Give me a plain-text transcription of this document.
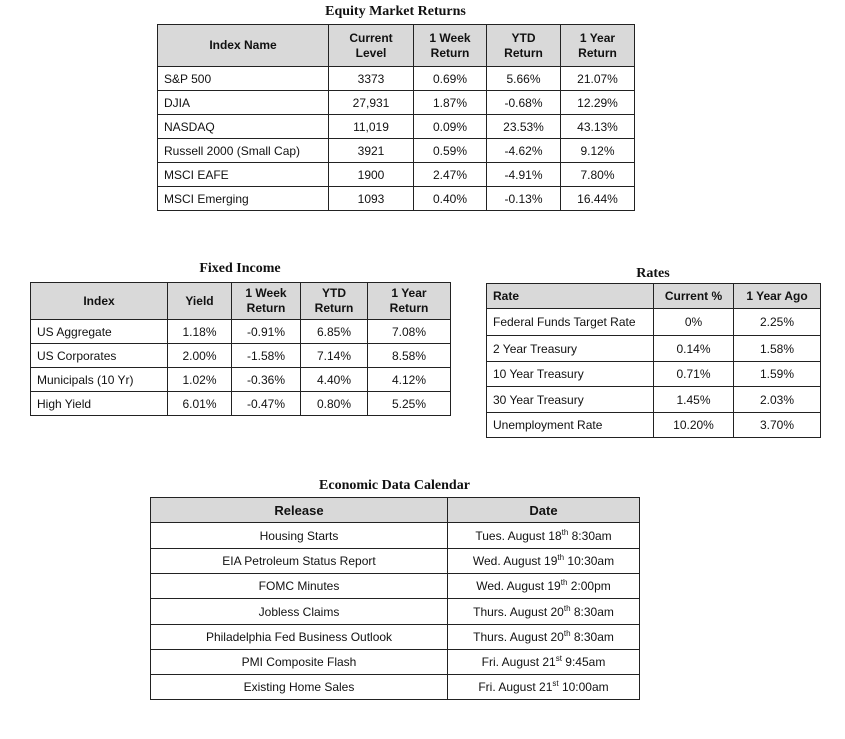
Equity Market Returns
Index Name	Current Level	1 Week Return	YTD Return	1 Year Return
S&P 500	3373	0.69%	5.66%	21.07%
DJIA	27,931	1.87%	-0.68%	12.29%
NASDAQ	11,019	0.09%	23.53%	43.13%
Russell 2000 (Small Cap)	3921	0.59%	-4.62%	9.12%
MSCI EAFE	1900	2.47%	-4.91%	7.80%
MSCI Emerging	1093	0.40%	-0.13%	16.44%
Fixed Income
Index	Yield	1 Week Return	YTD Return	1 Year Return
US Aggregate	1.18%	-0.91%	6.85%	7.08%
US Corporates	2.00%	-1.58%	7.14%	8.58%
Municipals (10 Yr)	1.02%	-0.36%	4.40%	4.12%
High Yield	6.01%	-0.47%	0.80%	5.25%
Rates
Rate	Current %	1 Year Ago
Federal Funds Target Rate	0%	2.25%
2 Year Treasury	0.14%	1.58%
10 Year Treasury	0.71%	1.59%
30 Year Treasury	1.45%	2.03%
Unemployment Rate	10.20%	3.70%
Economic Data Calendar
Release	Date
Housing Starts	Tues. August 18th 8:30am
EIA Petroleum Status Report	Wed. August 19th 10:30am
FOMC Minutes	Wed. August 19th 2:00pm
Jobless Claims	Thurs. August 20th 8:30am
Philadelphia Fed Business Outlook	Thurs. August 20th 8:30am
PMI Composite Flash	Fri. August 21st 9:45am
Existing Home Sales	Fri. August 21st 10:00am
